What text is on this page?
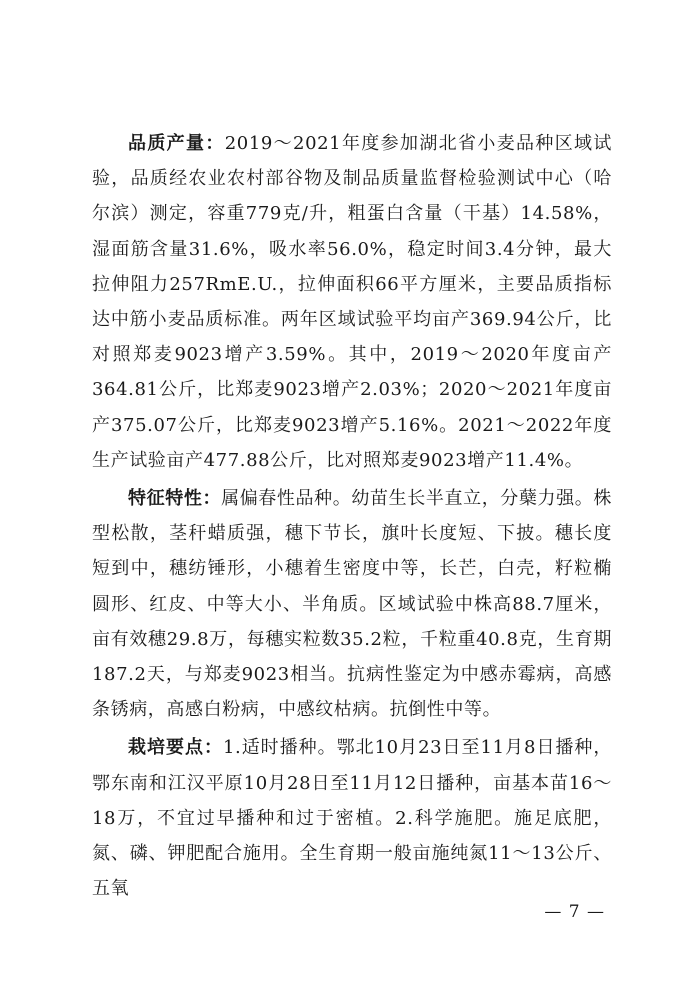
品质产量：2019～2021年度参加湖北省小麦品种区域试验，品质经农业农村部谷物及制品质量监督检验测试中心（哈尔滨）测定，容重779克/升，粗蛋白含量（干基）14.58%，湿面筋含量31.6%，吸水率56.0%，稳定时间3.4分钟，最大拉伸阻力257RmE.U.，拉伸面积66平方厘米，主要品质指标达中筋小麦品质标准。两年区域试验平均亩产369.94公斤，比对照郑麦9023增产3.59%。其中，2019～2020年度亩产364.81公斤，比郑麦9023增产2.03%；2020～2021年度亩产375.07公斤，比郑麦9023增产5.16%。2021～2022年度生产试验亩产477.88公斤，比对照郑麦9023增产11.4%。

特征特性：属偏春性品种。幼苗生长半直立，分蘖力强。株型松散，茎秆蜡质强，穗下节长，旗叶长度短、下披。穗长度短到中，穗纺锤形，小穗着生密度中等，长芒，白壳，籽粒椭圆形、红皮、中等大小、半角质。区域试验中株高88.7厘米，亩有效穗29.8万，每穗实粒数35.2粒，千粒重40.8克，生育期187.2天，与郑麦9023相当。抗病性鉴定为中感赤霉病，高感条锈病，高感白粉病，中感纹枯病。抗倒性中等。

栽培要点：1.适时播种。鄂北10月23日至11月8日播种，鄂东南和江汉平原10月28日至11月12日播种，亩基本苗16～18万，不宜过早播种和过于密植。2.科学施肥。施足底肥，氮、磷、钾肥配合施用。全生育期一般亩施纯氮11～13公斤、五氧

— 7 —
